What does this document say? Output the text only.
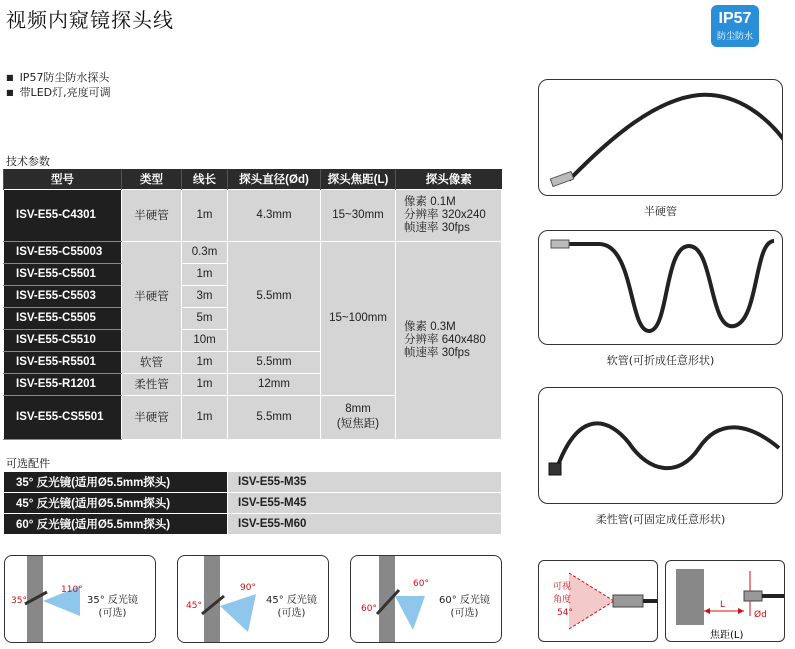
视频内窥镜探头线	IP57
防尘防水
■ IP57防尘防水探头
■ 带LED灯,亮度可调
技术参数
型号	类型	线长	探头直径(Ød)	探头焦距(L)	探头像素
ISV-E55-C4301	半硬管	1m	4.3mm	15~30mm	像素 0.1M
分辨率 320x240
帧速率 30fps

ISV-E55-C55003	半硬管	0.3m	5.5mm	15~100mm	像素 0.3M
分辨率 640x480
帧速率 30fps

ISV-E55-C5501		1m			
ISV-E55-C5503		3m			
ISV-E55-C5505		5m			
ISV-E55-C5510		10m			
ISV-E55-R5501	软管	1m	5.5mm		
ISV-E55-R1201	柔性管	1m	12mm		
ISV-E55-CS5501	半硬管	1m	5.5mm	8mm
(短焦距)	
可选配件
35° 反光镜(适用Ø5.5mm探头)	ISV-E55-M35
45° 反光镜(适用Ø5.5mm探头)	ISV-E55-M45
60° 反光镜(适用Ø5.5mm探头)	ISV-E55-M60
半硬管
软管(可折成任意形状)
柔性管(可固定成任意形状)
35°
110°
35° 反光镜
(可选)
45°
90°
45° 反光镜
(可选)	60°
60°
60° 反光镜
(可选)
可视
角度
54°
L
Ød
焦距(L)
